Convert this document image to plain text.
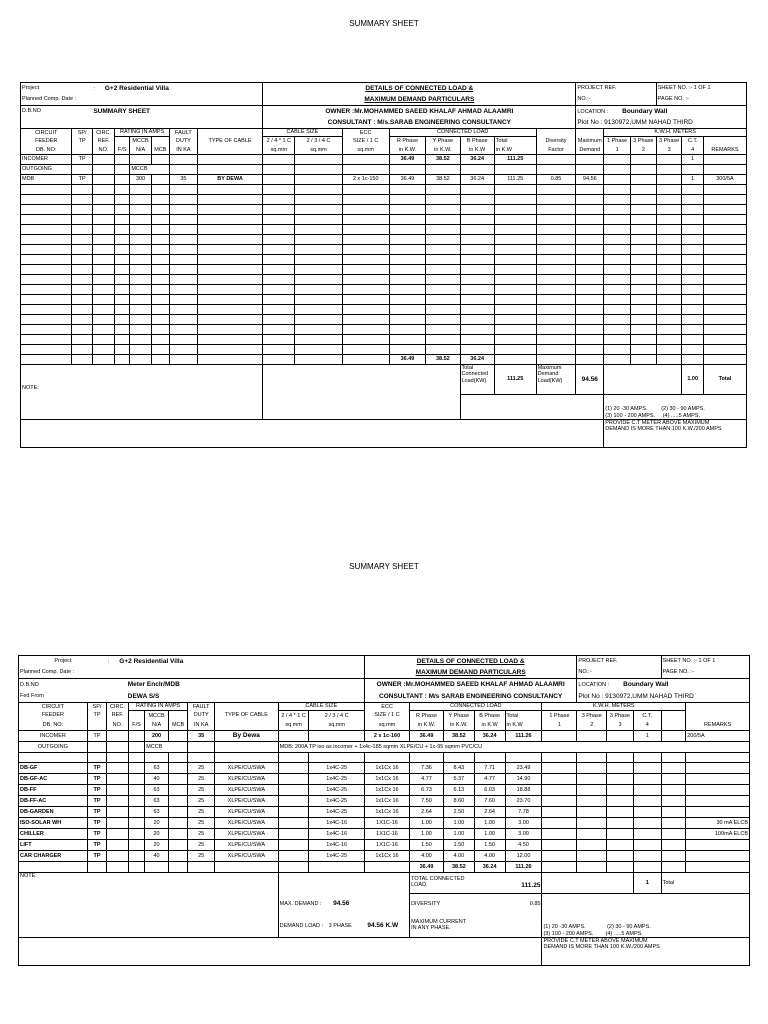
SUMMARY SHEET
Project		: G+2 Residential Villa						DETAILS OF CONNECTED LOAD &								PROJECT REF.			SHEET NO. :- 1 OF 1		
Planned Comp. Date :								MAXIMUM DEMAND PARTICULARS								NO.:-			PAGE NO. :-		
D.B.NO		SUMMARY SHEET						OWNER :Mr.MOHAMMED SAEED KHALAF AHMAD ALAAMRI								LOCATION : Boundary Wall					
								CONSULTANT : M/s.SARAB ENGINEERING CONSULTANCY								Plot No : 9130972,UMM NAHAD THIRD					
CIRCUIT	SP/	CIRC.	RATING IN AMPS			FAULT		CABLE SIZE		ECC	CONNECTED LOAD						K.W.H. METERS				
FEEDER	TP	REF.		MCCB		DUTY	TYPE OF CABLE	2 / 4 * 1 C	2 / 3 / 4 C	SIZE / 1 C	R Phase	Y Phase	B Phase	Total	Diversity	Maximum	1 Phase	3 Phase	3 Phase	C.T.	
DB. NO:		NO.	F/S	N/A	MCB	IN KA		sq.mm	sq.mm	sq.mm	in K.W.	in K.W.	in K.W	in K.W	Factor	Demand	1	2	3	4	REMARKS
INCOMER	TP										36.49	38.52	36.24	111.25						1	
OUTGOING				MCCB																	
MDB	TP			300		35	BY DEWA			2 x 1c-150	36.49	38.52	36.24	111.25	0.85	94.56				1	300/5A

											36.49	38.52	36.24								
NOTE:													Total Connected Load(KW)	111.25	Maximum Demand Load(KW)	94.56				1.00	Total
																	(1) 20 -30 AMPS. (2) 30 - 90 AMPS.
(3) 100 - 200 AMPS. (4) .....5 AMPS.				
																	PROVIDE C.T METER ABOVE MAXIMUM
DEMAND IS MORE THAN 100 K.W./200 AMPS				
SUMMARY SHEET
Project		: G+2 Residential Villa								DETAILS OF CONNECTED LOAD &						PROJECT REF.			SHEET NO. :- 1 OF 1	
Planned Comp. Date :										MAXIMUM DEMAND PARTICULARS						NO.:-			PAGE NO. :-	
D.B.NO		Meter Enclr/MDB								OWNER :Mr.MOHAMMED SAEED KHALAF AHMAD ALAAMRI						LOCATION : Boundary Wall				
Fed From		DEWA S/S								CONSULTANT : M/s SARAB ENGINEERING CONSULTANCY						Plot No : 9130972,UMM NAHAD THIRD				
CIRCUIT	SP/	CIRC.	RATING IN AMPS			FAULT		CABLE SIZE		ECC	CONNECTED LOAD				K.W.H. METERS					
FEEDER	TP	REF.		MCCB		DUTY	TYPE OF CABLE	2 / 4 * 1 C	2 / 3 / 4 C	SIZE / 1 C	R Phase	Y Phase	B Phase	Total	1 Phase	3 Phase	3 Phase	C.T.		
DB. NO:		NO.	F/S	N/A	MCB	IN KA		sq.mm	sq.mm	sq.mm	in K.W.	in K.W.	in K.W	in K.W	1	2	3	4		REMARKS
INCOMER	TP			200		35	By Dewa			2 x 1c-160	36.49	38.52	36.24	111.26				1		200/5A
OUTGOING				MCCB				MDB: 200A TP iso as incomer + 1x4c-185 sqmm XLPE/CU + 1c-95 sqmm PVC/CU												

DB-GF	TP			63		25	XLPE/CU/SWA		1x4C-25	1x1Cx 16	7.36	8.43	7.71	23.49						
DB-GF-AC	TP			40		25	XLPE/CU/SWA		1x4C-25	1x1Cx 16	4.77	5.37	4.77	14.90						
DB-FF	TP			63		25	XLPE/CU/SWA		1x4C-25	1x1Cx 16	6.73	6.13	6.03	18.88						
DB-FF-AC	TP			63		25	XLPE/CU/SWA		1x4C-25	1x1Cx 16	7.50	8.60	7.60	23.70						
DB-GARDEN	TP			63		25	XLPE/CU/SWA		1x4C-25	1x1Cx 16	2.64	2.50	2.64	7.78						
ISO-SOLAR WH	TP			20		25	XLPE/CU/SWA		1x4C-16	1X1C-16	1.00	1.00	1.00	3.00						30 mA ELCB
CHILLER	TP			20		25	XLPE/CU/SWA		1x4C-16	1X1C-16	1.00	1.00	1.00	3.00						100mA ELCB
LIFT	TP			20		25	XLPE/CU/SWA		1x4C-16	1X1C-16	1.50	1.50	1.50	4.50						
CAR CHARGER	TP			40		25	XLPE/CU/SWA		1x4C-25	1x1Cx 16	4.00	4.00	4.00	12.00						
											36.49	38.52	36.24	111.26						
NOTE:											TOTAL CONNECTED
LOAD. 111.25							1	Total	
								MAX. DEMAND : 94.56			DIVERSITY 0.85									

								DEMAND LOAD : 3 PHASE 94.56 K.W			MAXIMUM CURRENT
IN ANY PHASE.				(1) 20 -30 AMPS. (2) 30 - 90 AMPS.
(3) 100 - 200 AMPS. (4) .....5 AMPS.					
															PROVIDE C.T METER ABOVE MAXIMUM
DEMAND IS MORE THAN 100 K.W./200 AMPS					
